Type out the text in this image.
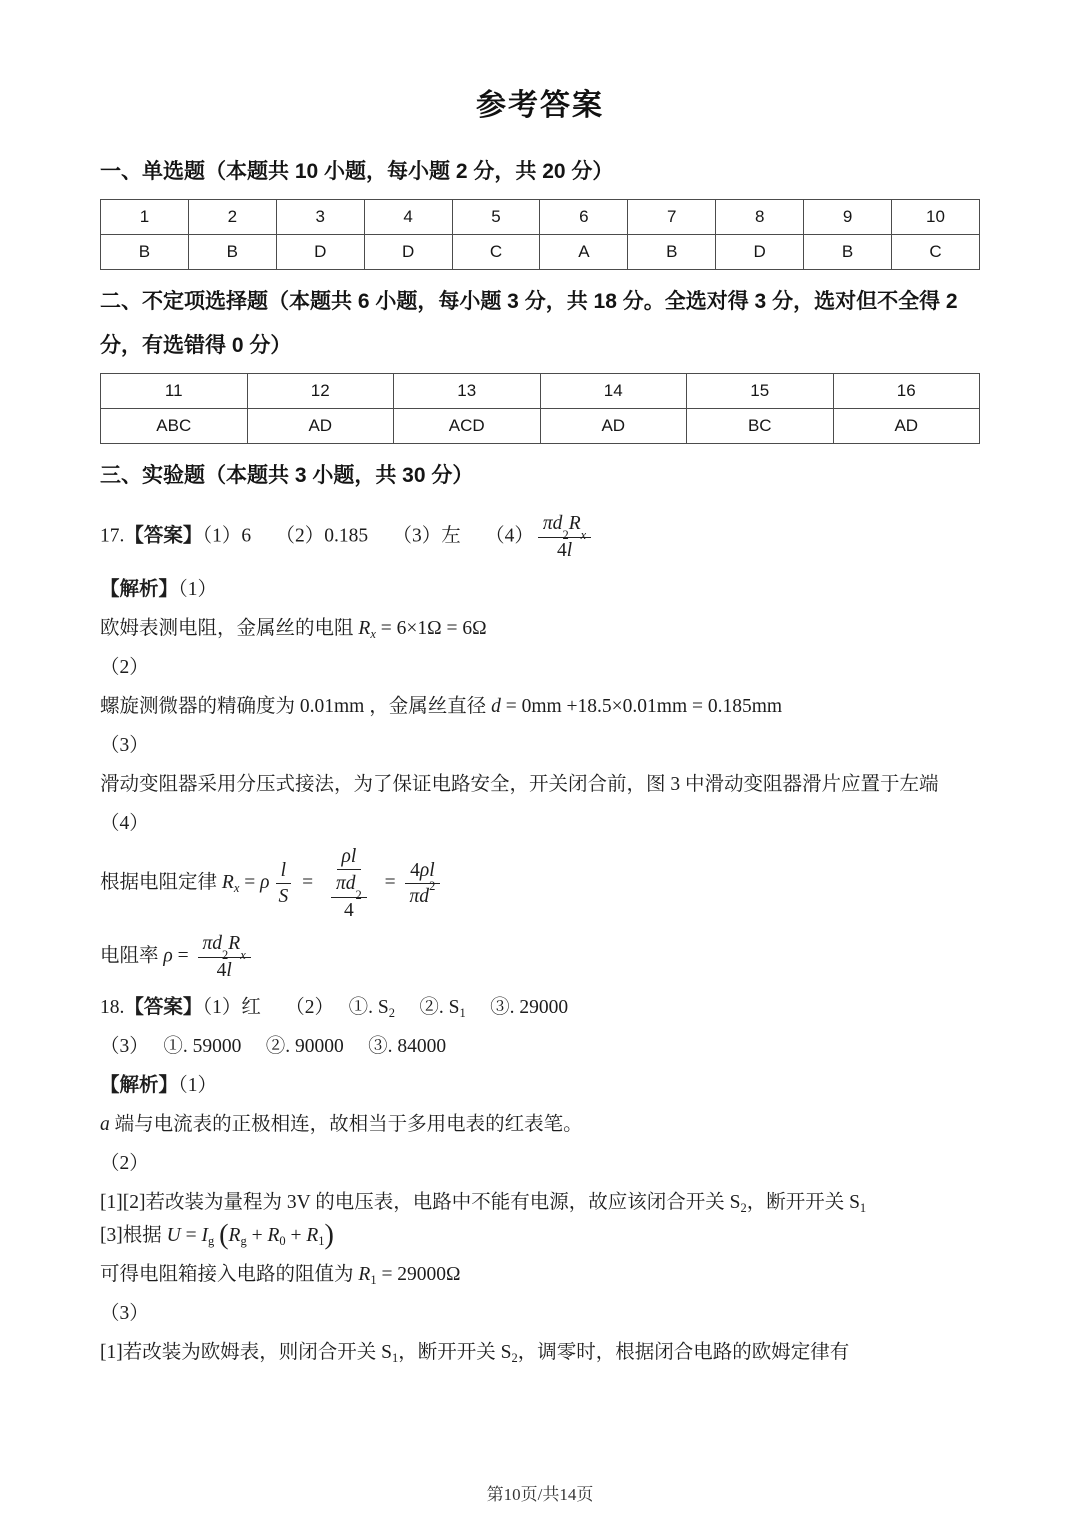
参考答案
一、单选题（本题共 10 小题，每小题 2 分，共 20 分）
1	2	3	4	5	6	7	8	9	10
B	B	D	D	C	A	B	D	B	C
二、不定项选择题（本题共 6 小题，每小题 3 分，共 18 分。全选对得 3 分，选对但不全得 2 分，有选错得 0 分）
11	12	13	14	15	16
ABC	AD	ACD	AD	BC	AD
三、实验题（本题共 3 小题，共 30 分）

17.【答案】（1）6　 （2）0.185　 （3）左　 （4） πd
2
R
x
4 l

【解析】（1）

欧姆表测电阻，金属丝的电阻 $R_x = 6\times 1\Omega = 6\Omega$

（2）

螺旋测微器的精确度为 0.01mm ，金属丝直径 d = 0mm +18.5×0.01mm = 0.185mm

（3）

滑动变阻器采用分压式接法，为了保证电路安全，开关闭合前，图 3 中滑动变阻器滑片应置于左端

（4）

根据电阻定律 $R_x = \rho \frac{l}{S} = \rho l$
πd
2
$4 = \frac{4 \rho l}{\pi d 2}$

电阻率 ρ = πd
2
R
x
4 l

18.【答案】（1）红　 （2）　 ①. $S_2$　 ②. $S_1$　 ③. 29000

（3）　 ①. 59000　 ②. 90000　 ③. 84000

【解析】（1）

a 端与电流表的正极相连，故相当于多用电表的红表笔。

（2）

[1][2]若改装为量程为 3V 的电压表，电路中不能有电源，故应该闭合开关 $S_2$，断开开关 $S_1$

[3]根据 $U = I_g$ $(R_g + R_0 + R_1)$

可得电阻箱接入电路的阻值为 $R_1 = 29000\Omega$

（3）

[1]若改装为欧姆表，则闭合开关 $S_1$，断开开关 $S_2$，调零时，根据闭合电路的欧姆定律有

第10页/共14页
